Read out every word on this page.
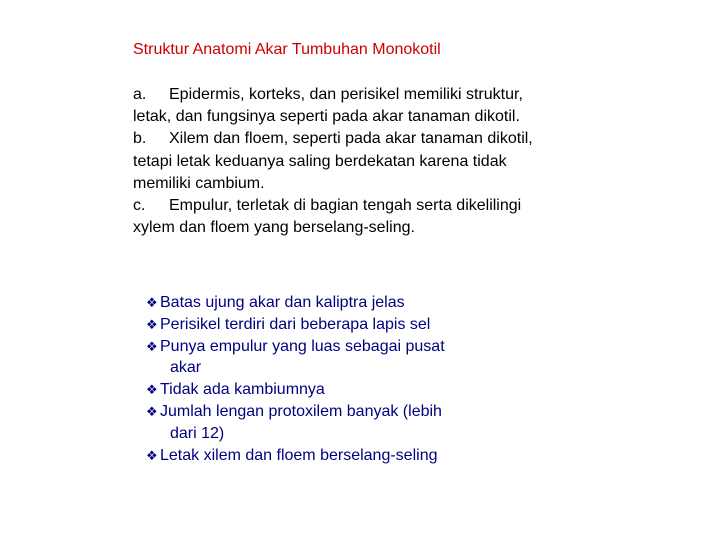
Struktur Anatomi Akar Tumbuhan Monokotil
a. Epidermis, korteks, dan perisikel memiliki struktur, letak, dan fungsinya seperti pada akar tanaman dikotil.
b. Xilem dan floem, seperti pada akar tanaman dikotil, tetapi letak keduanya saling berdekatan karena tidak memiliki cambium.
c. Empulur, terletak di bagian tengah serta dikelilingi xylem dan floem yang berselang-seling.
❖ Batas ujung akar dan kaliptra jelas
❖ Perisikel terdiri dari beberapa lapis sel
❖ Punya empulur yang luas sebagai pusat
akar
❖ Tidak ada kambiumnya
❖ Jumlah lengan protoxilem banyak (lebih
dari 12)
❖ Letak xilem dan floem berselang-seling
